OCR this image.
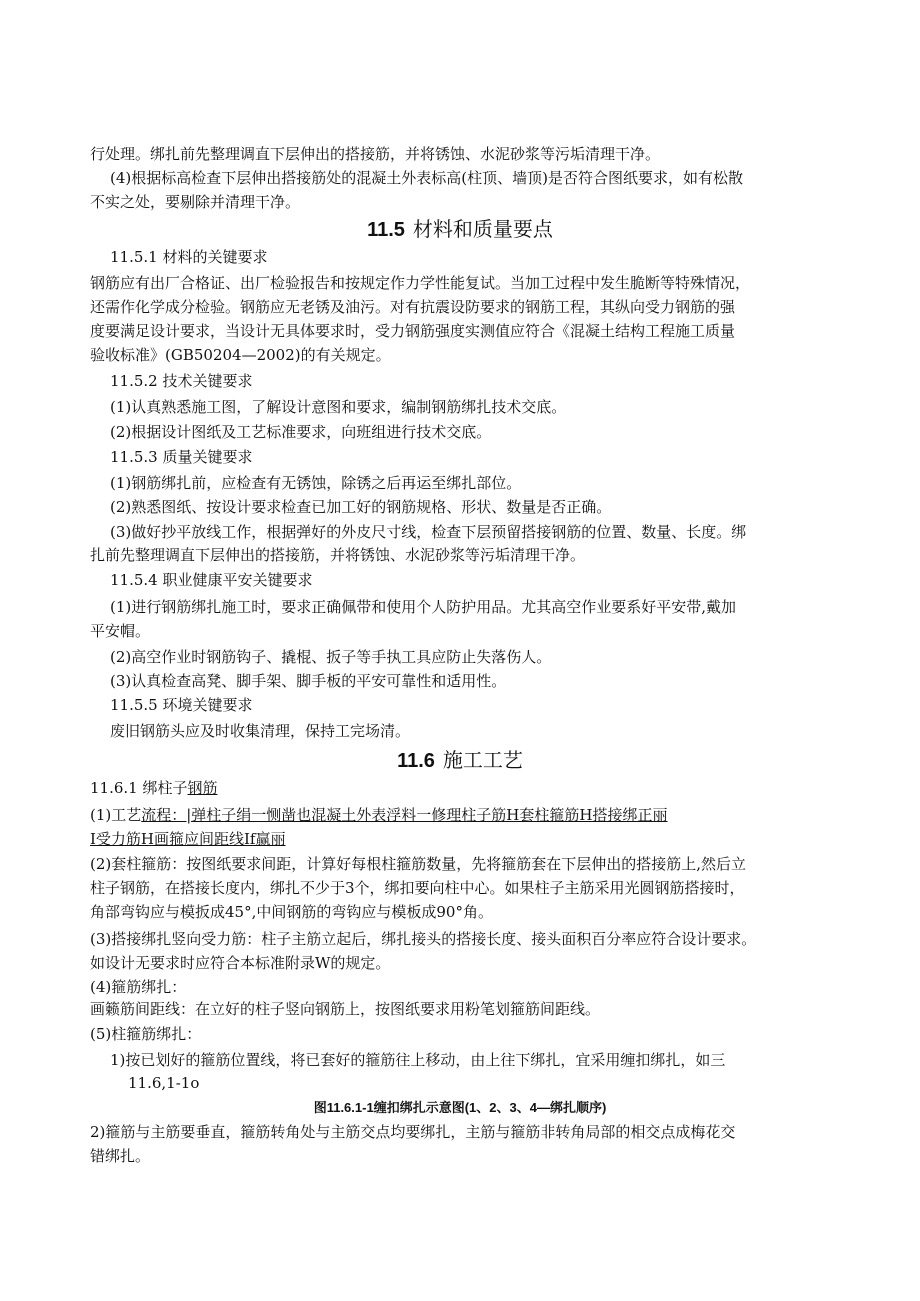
行处理。绑扎前先整理调直下层伸出的搭接筋，并将锈蚀、水泥砂浆等污垢清理干净。
(4)根据标高检查下层伸出搭接筋处的混凝土外表标高(柱顶、墙顶)是否符合图纸要求，如有松散
不实之处，要剔除并清理干净。
11.5 材料和质量要点
11.5.1 材料的关键要求
钢筋应有出厂合格证、出厂检验报告和按规定作力学性能复试。当加工过程中发生脆断等特殊情况，
还需作化学成分检验。钢筋应无老锈及油污。对有抗震设防要求的钢筋工程，其纵向受力钢筋的强
度要满足设计要求，当设计无具体要求时，受力钢筋强度实测值应符合《混凝土结构工程施工质量
验收标准》(GB50204—2002)的有关规定。
11.5.2 技术关键要求
(1)认真熟悉施工图，了解设计意图和要求，编制钢筋绑扎技术交底。
(2)根据设计图纸及工艺标准要求，向班组进行技术交底。
11.5.3 质量关键要求
(1)钢筋绑扎前，应检查有无锈蚀，除锈之后再运至绑扎部位。
(2)熟悉图纸、按设计要求检查已加工好的钢筋规格、形状、数量是否正确。
(3)做好抄平放线工作，根据弹好的外皮尺寸线，检查下层预留搭接钢筋的位置、数量、长度。绑
扎前先整理调直下层伸出的搭接筋，并将锈蚀、水泥砂浆等污垢清理干净。
11.5.4 职业健康平安关键要求
(1)进行钢筋绑扎施工时，要求正确佩带和使用个人防护用品。尤其高空作业要系好平安带,戴加
平安帽。
(2)高空作业时钢筋钩子、撬棍、扳子等手执工具应防止失落伤人。
(3)认真检查高凳、脚手架、脚手板的平安可靠性和适用性。
11.5.5 环境关键要求
废旧钢筋头应及时收集清理，保持工完场清。
11.6 施工工艺
11.6.1 绑柱子钢筋
(1)工艺流程：|弹柱子绢一恻凿也混凝土外表浮料一修理柱子筋H套柱箍筋H搭接绑正丽
I受力筋H画箍应间距线If赢丽
(2)套柱箍筋：按图纸要求间距，计算好每根柱箍筋数量，先将箍筋套在下层伸出的搭接筋上,然后立
柱子钢筋，在搭接长度内，绑扎不少于3个，绑扣要向柱中心。如果柱子主筋采用光圆钢筋搭接时，
角部弯钩应与模扳成45°,中间钢筋的弯钩应与模板成90°角。
(3)搭接绑扎竖向受力筋：柱子主筋立起后，绑扎接头的搭接长度、接头面积百分率应符合设计要求。
如设计无要求时应符合本标准附录W的规定。
(4)箍筋绑扎：
画籁筋间距线：在立好的柱子竖向钢筋上，按图纸要求用粉笔划箍筋间距线。
(5)柱箍筋绑扎：
1)按已划好的箍筋位置线，将已套好的箍筋往上移动，由上往下绑扎，宜采用缠扣绑扎，如三
11.6,1-1o
图11.6.1-1缠扣绑扎示意图(1、2、3、4—绑扎顺序)
2)箍筋与主筋要垂直，箍筋转角处与主筋交点均要绑扎，主筋与箍筋非转角局部的相交点成梅花交
错绑扎。
